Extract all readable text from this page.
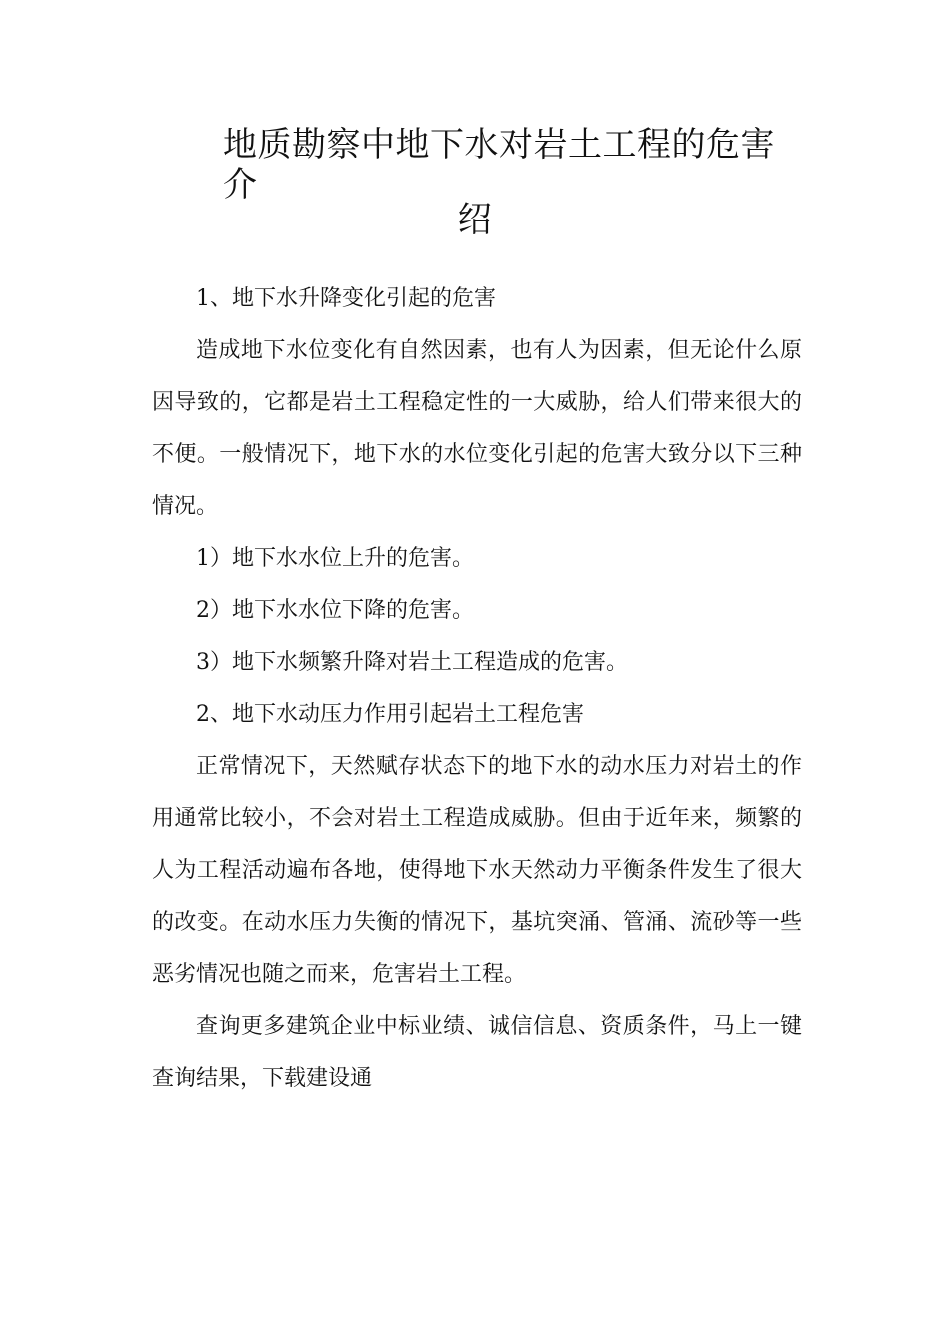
地质勘察中地下水对岩土工程的危害介
绍

1、地下水升降变化引起的危害

造成地下水位变化有自然因素，也有人为因素，但无论什么原因导致的，它都是岩土工程稳定性的一大威胁，给人们带来很大的不便。一般情况下，地下水的水位变化引起的危害大致分以下三种情况。

1）地下水水位上升的危害。

2）地下水水位下降的危害。

3）地下水频繁升降对岩土工程造成的危害。

2、地下水动压力作用引起岩土工程危害

正常情况下，天然赋存状态下的地下水的动水压力对岩土的作用通常比较小，不会对岩土工程造成威胁。但由于近年来，频繁的人为工程活动遍布各地，使得地下水天然动力平衡条件发生了很大的改变。在动水压力失衡的情况下，基坑突涌、管涌、流砂等一些恶劣情况也随之而来，危害岩土工程。

查询更多建筑企业中标业绩、诚信信息、资质条件，马上一键查询结果，下载建设通
